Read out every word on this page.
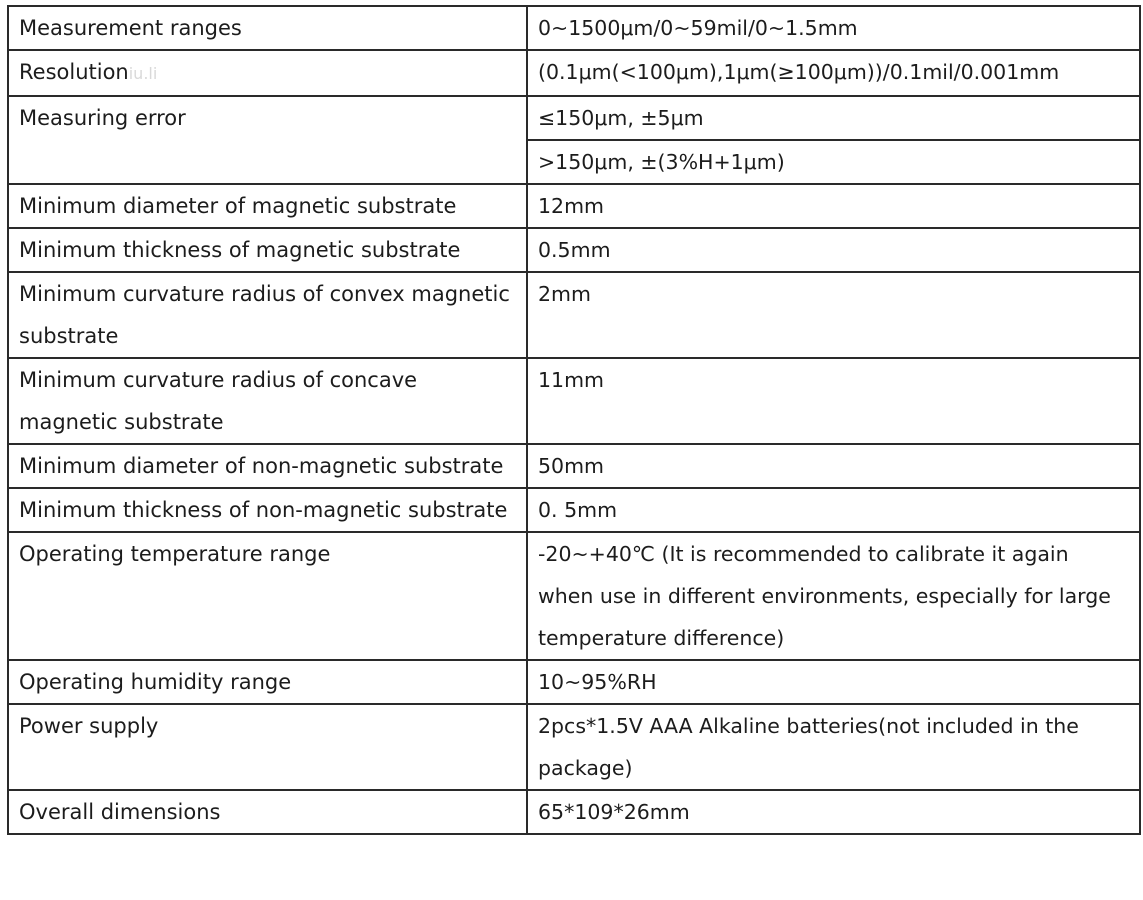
Measurement ranges	0~1500μm/0~59mil/0~1.5mm
Resolutioniu.li	(0.1μm(<100μm),1μm(≥100μm))/0.1mil/0.001mm
Measuring error	≤150μm, ±5μm
	>150μm, ±(3%H+1μm)
Minimum diameter of magnetic substrate	12mm
Minimum thickness of magnetic substrate	0.5mm
Minimum curvature radius of convex magnetic substrate	2mm
Minimum curvature radius of concave magnetic substrate	11mm
Minimum diameter of non-magnetic substrate	50mm
Minimum thickness of non-magnetic substrate	0. 5mm
Operating temperature range	-20~+40℃ (It is recommended to calibrate it again when use in different environments, especially for large temperature difference)
Operating humidity range	10~95%RH
Power supply	2pcs*1.5V AAA Alkaline batteries(not included in the package)
Overall dimensions	65*109*26mm
